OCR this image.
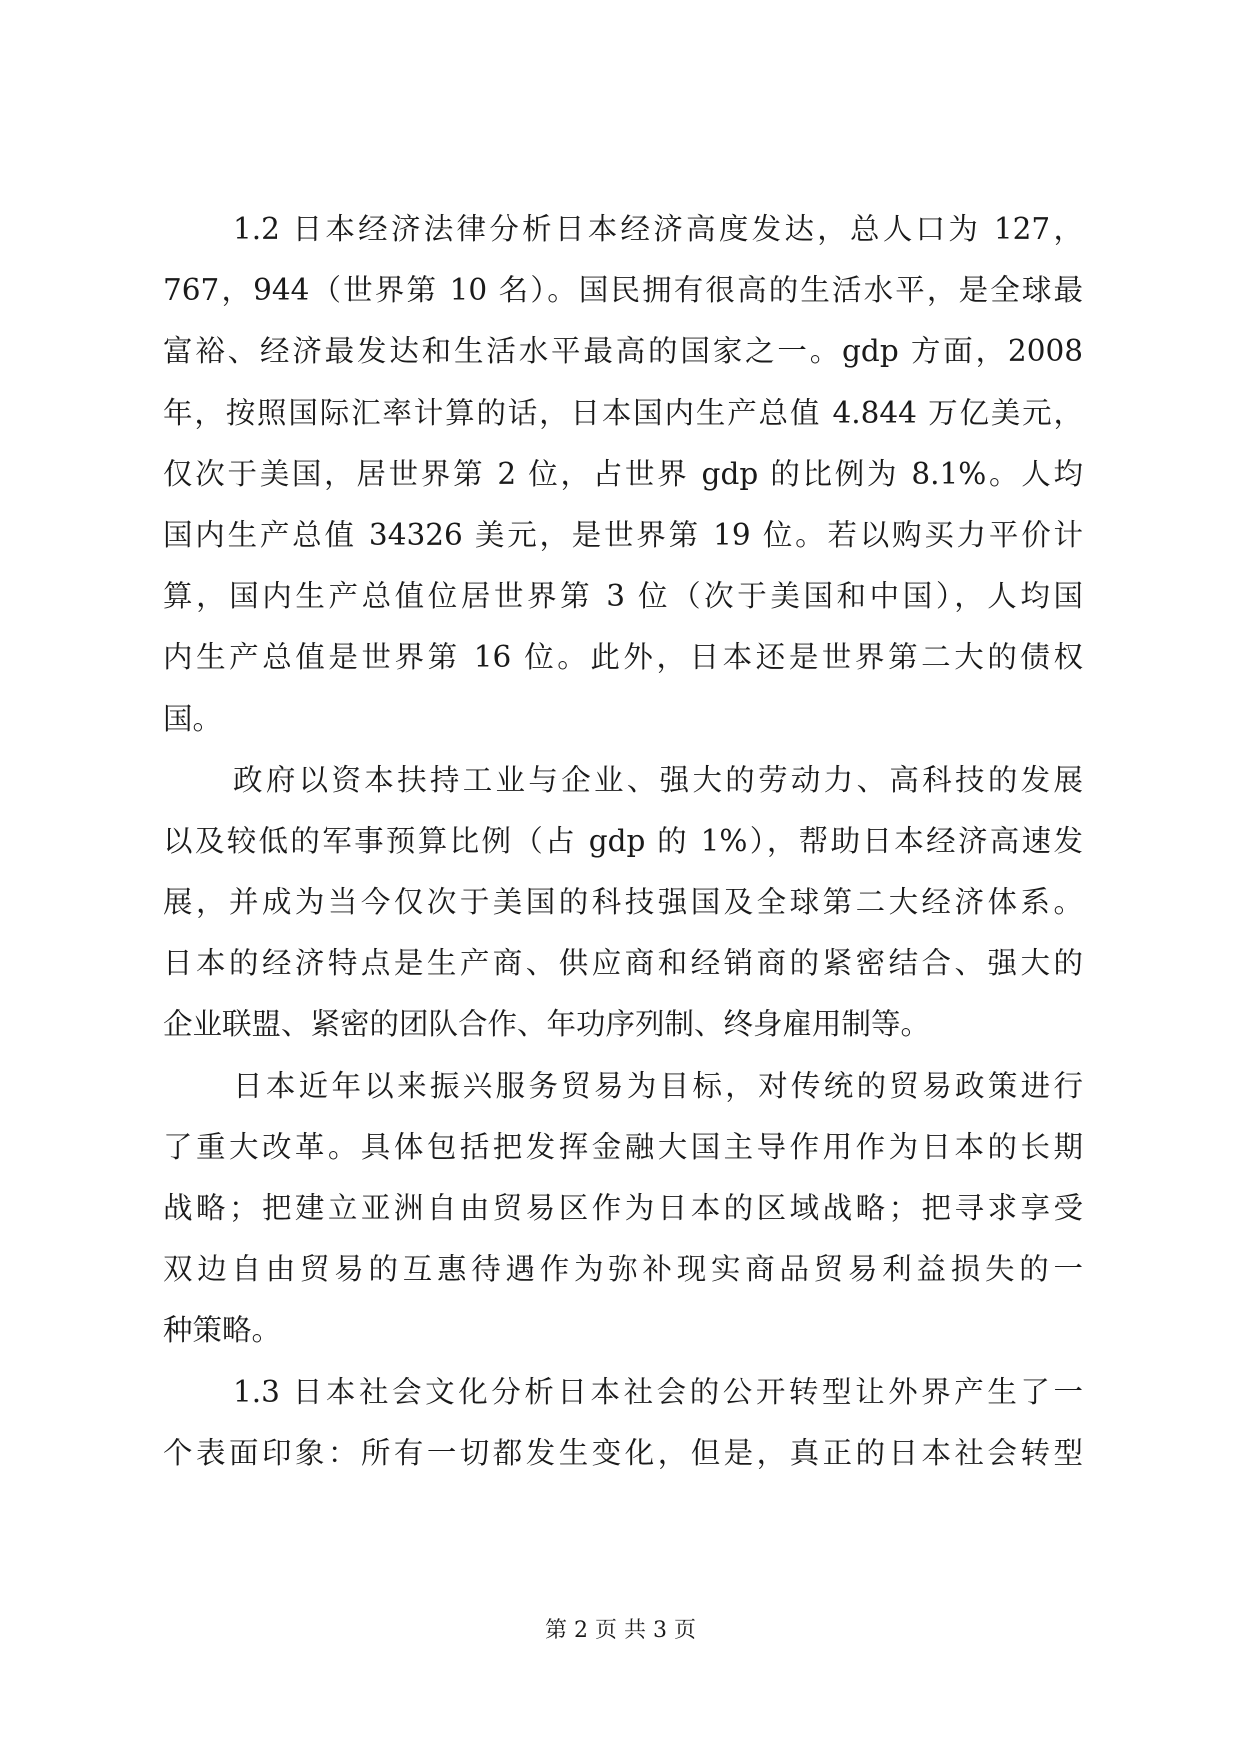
1.2 日本经济法律分析日本经济高度发达，总人口为 127，
767，944（世界第 10 名）。国民拥有很高的生活水平，是全球最
富裕、经济最发达和生活水平最高的国家之一。gdp 方面，2008
年，按照国际汇率计算的话，日本国内生产总值 4.844 万亿美元，
仅次于美国，居世界第 2 位，占世界 gdp 的比例为 8.1%。人均
国内生产总值 34326 美元，是世界第 19 位。若以购买力平价计
算，国内生产总值位居世界第 3 位（次于美国和中国），人均国
内生产总值是世界第 16 位。此外，日本还是世界第二大的债权
国。
政府以资本扶持工业与企业、强大的劳动力、高科技的发展
以及较低的军事预算比例（占 gdp 的 1%），帮助日本经济高速发
展，并成为当今仅次于美国的科技强国及全球第二大经济体系。
日本的经济特点是生产商、供应商和经销商的紧密结合、强大的
企业联盟、紧密的团队合作、年功序列制、终身雇用制等。
日本近年以来振兴服务贸易为目标，对传统的贸易政策进行
了重大改革。具体包括把发挥金融大国主导作用作为日本的长期
战略；把建立亚洲自由贸易区作为日本的区域战略；把寻求享受
双边自由贸易的互惠待遇作为弥补现实商品贸易利益损失的一
种策略。
1.3 日本社会文化分析日本社会的公开转型让外界产生了一
个表面印象：所有一切都发生变化，但是，真正的日本社会转型
第 2 页 共 3 页
